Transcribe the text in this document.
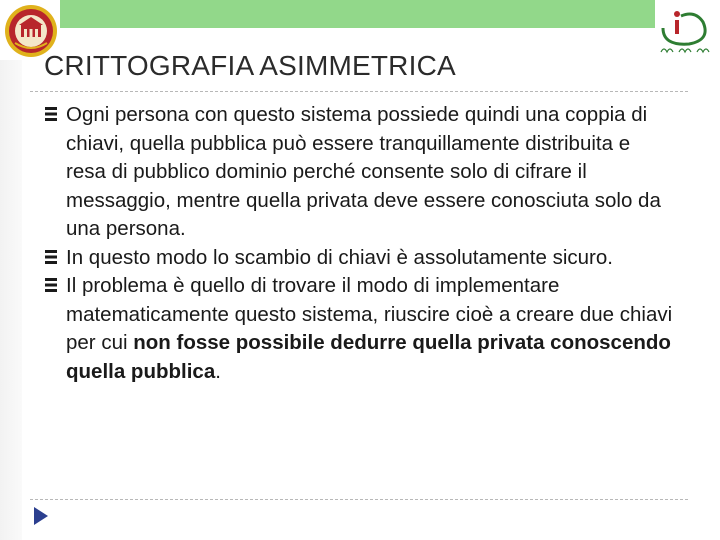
CRITTOGRAFIA ASIMMETRICA
Ogni persona con questo sistema possiede quindi una coppia di chiavi, quella pubblica può essere tranquillamente distribuita e resa di pubblico dominio perché consente solo di cifrare il messaggio, mentre quella privata deve essere conosciuta solo da una persona.
In questo modo lo scambio di chiavi è assolutamente sicuro.
Il problema è quello di trovare il modo di implementare matematicamente questo sistema, riuscire cioè a creare due chiavi per cui non fosse possibile dedurre quella privata conoscendo quella pubblica.
